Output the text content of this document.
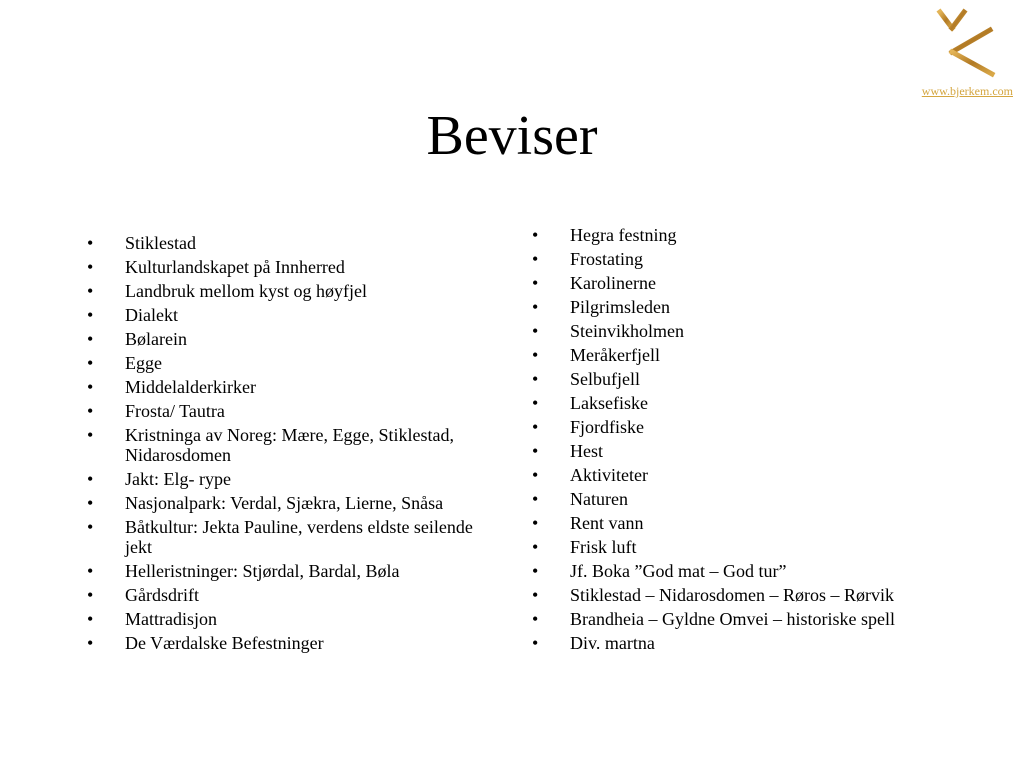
www.bjerkem.com
Beviser
• Stiklestad
• Kulturlandskapet på Innherred
• Landbruk mellom kyst og høyfjel
• Dialekt
• Bølarein
• Egge
• Middelalderkirker
• Frosta/ Tautra
• Kristninga av Noreg: Mære, Egge, Stiklestad, Nidarosdomen
• Jakt: Elg- rype
• Nasjonalpark: Verdal, Sjækra, Lierne, Snåsa
• Båtkultur: Jekta Pauline, verdens eldste seilende jekt
• Helleristninger: Stjørdal, Bardal, Bøla
• Gårdsdrift
• Mattradisjon
• De Værdalske Befestninger
• Hegra festning
• Frostating
• Karolinerne
• Pilgrimsleden
• Steinvikholmen
• Meråkerfjell
• Selbufjell
• Laksefiske
• Fjordfiske
• Hest
• Aktiviteter
• Naturen
• Rent vann
• Frisk luft
• Jf. Boka ”God mat – God tur”
• Stiklestad – Nidarosdomen – Røros – Rørvik
• Brandheia – Gyldne Omvei – historiske spell
• Div. martna
